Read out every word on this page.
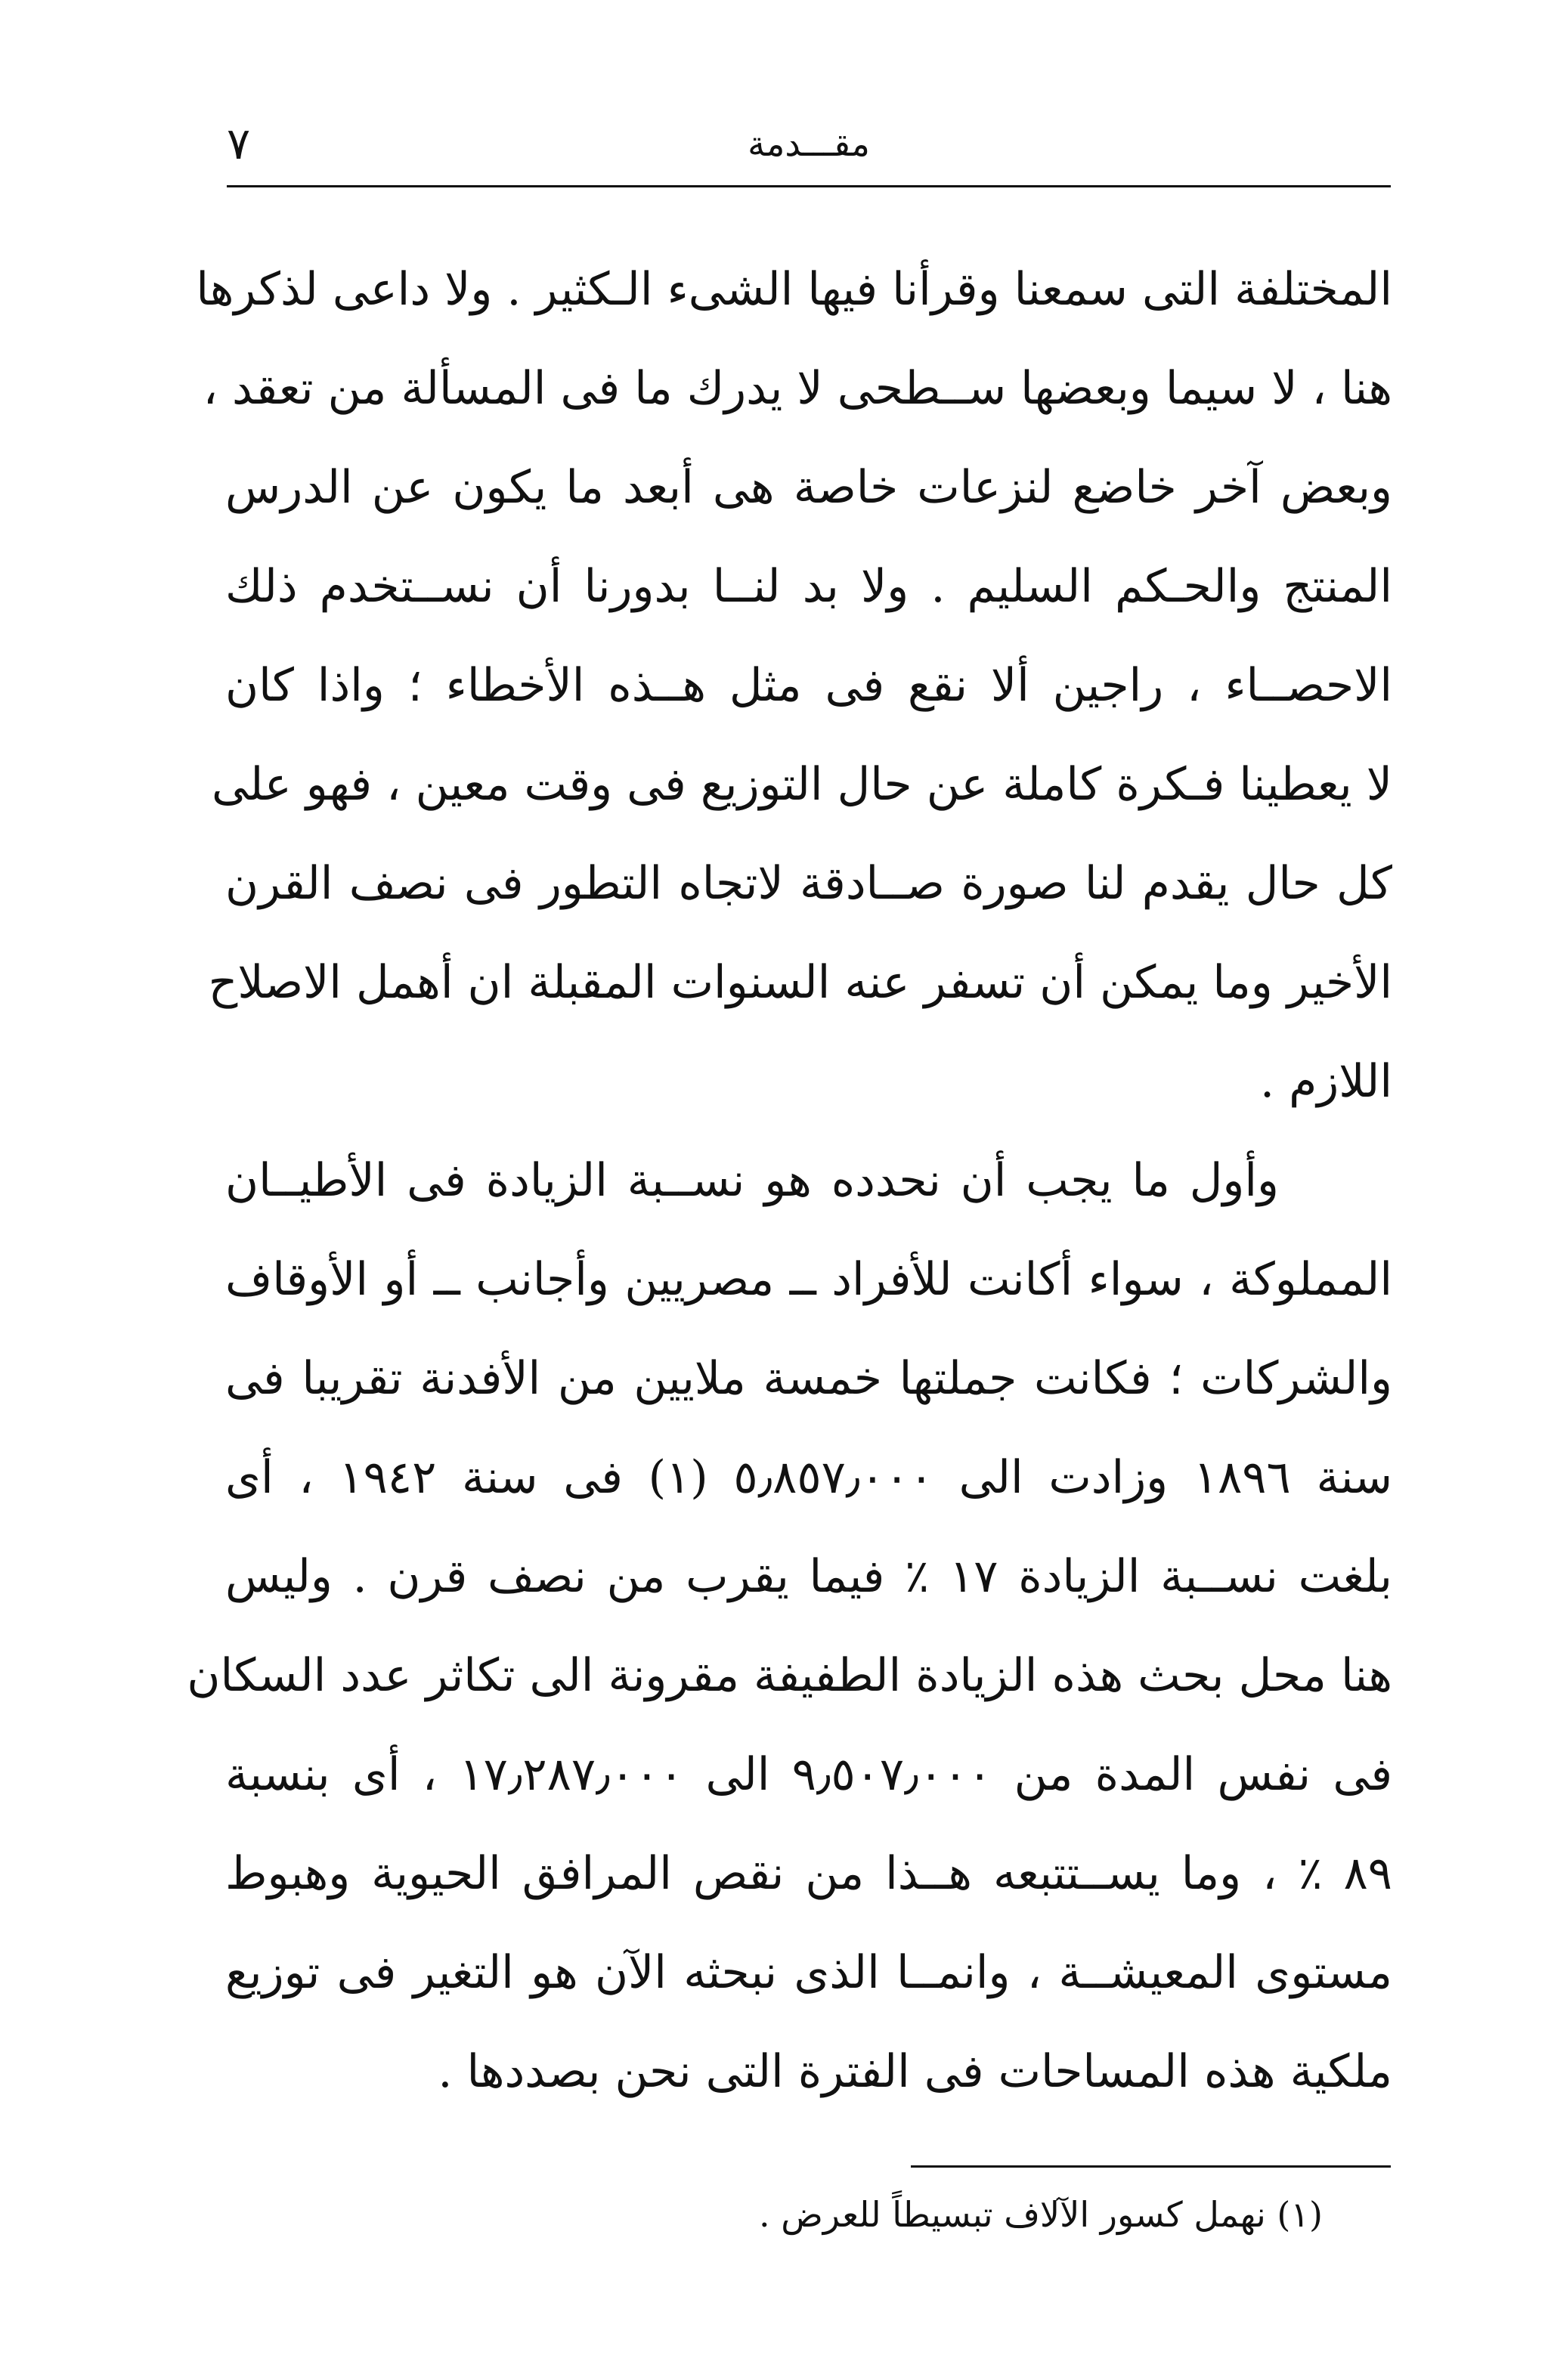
٧	مقـــدمة
المختلفة التى سمعنا وقرأنا فيها الشىء الـكثير . ولا داعى لذكرها
هنا ، لا سيما وبعضها ســطحى لا يدرك ما فى المسألة من تعقد ،
وبعض آخر خاضع لنزعات خاصة هى أبعد ما يكون عن الدرس
المنتج والحـكم السليم . ولا بد لنــا بدورنا أن نســتخدم ذلك
الاحصــاء ، راجين ألا نقع فى مثل هــذه الأخطاء ؛ واذا كان
لا يعطينا فـكرة كاملة عن حال التوزيع فى وقت معين ، فهو على
كل حال يقدم لنا صورة صــادقة لاتجاه التطور فى نصف القرن
الأخير وما يمكن أن تسفر عنه السنوات المقبلة ان أهمل الاصلاح
اللازم .
وأول ما يجب أن نحدده هو نســبة الزيادة فى الأطيــان
المملوكة ، سواء أكانت للأفراد ــ مصريين وأجانب ــ أو الأوقاف
والشركات ؛ فكانت جملتها خمسة ملايين من الأفدنة تقريبا فى
سنة ١٨٩٦ وزادت الى ٥٫٨٥٧٫٠٠٠ (١) فى سنة ١٩٤٢ ، أى
بلغت نســبة الزيادة ١٧ ٪ فيما يقرب من نصف قرن . وليس
هنا محل بحث هذه الزيادة الطفيفة مقرونة الى تكاثر عدد السكان
فى نفس المدة من ٩٫٥٠٧٫٠٠٠ الى ١٧٫٢٨٧٫٠٠٠ ، أى بنسبة
٨٩ ٪ ، وما يســتتبعه هــذا من نقص المرافق الحيوية وهبوط
مستوى المعيشــة ، وانمــا الذى نبحثه الآن هو التغير فى توزيع
ملكية هذه المساحات فى الفترة التى نحن بصددها .
(١) نهمل كسور الآلاف تبسيطاً للعرض .
